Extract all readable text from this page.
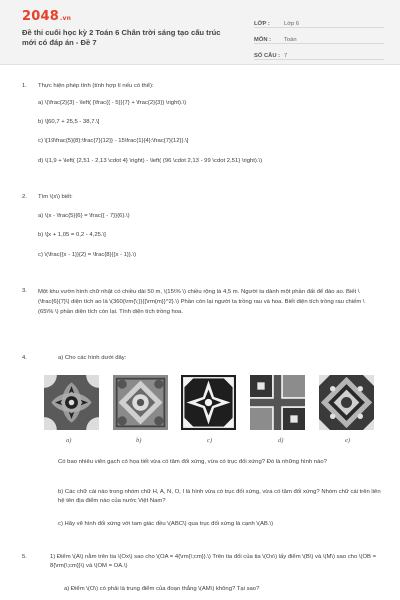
2048.vn
Đề thi cuối học kỳ 2 Toán 6 Chân trời sáng tạo cấu trúc mới có đáp án - Đề 7
LỚP :	Lớp 6
MÔN :	Toán
SỐ CÂU : 7
1. Thực hiện phép tính (tính hợp lí nếu có thể):
a) \(\frac{2}{3} - \left( {\frac{{ - 5}}{7} + \frac{2}{3}} \right).\)
b) \[60,7 + 25,5 - 38,7.\]
c) \[19\frac{5}{8}:\frac{7}{12}} - 15\frac{1}{4}:\frac{7}{12}}.\]
d) \(1,9 + \left( {2,51 - 2,13 \cdot 4} \right) - \left( {96 \cdot 2,13 - 99 \cdot 2,51} \right).\)
2. Tìm \(x\) biết:
a) \(x - \frac{5}{6} = \frac{{ - 7}}{6}.\)
b) \[x + 1,05 = 0,2 - 4,25.\]
c) \(\frac{{x - 1}}{2} = \frac{8}{{x - 1}}.\)
3. Một khu vườn hình chữ nhật có chiều dài 50 m, \(15\% \) chiều rộng là 4,5 m. Người ta dành một phần đất để đào ao. Biết \(\frac{6}{7}\) diện tích ao là \(360{\rm{\;}}{{\rm{m}}^2}.\) Phần còn lại người ta trồng rau và hoa. Biết diện tích trồng rau chiếm \(65\% \) phần diện tích còn lại. Tính diện tích trồng hoa.
4.	a) Cho các hình dưới đây:
a)	b)	c)	d)	e)
Có bao nhiêu viên gạch có họa tiết vừa có tâm đối xứng, vừa có trục đối xứng? Đó là những hình nào?
b) Các chữ cái nào trong nhóm chữ H, A, N, O, I là hình vừa có trục đối xứng, vừa có tâm đối xứng? Nhóm chữ cái trên liên hệ tên địa điểm nào của nước Việt Nam?
c) Hãy vẽ hình đối xứng với tam giác đều \(ABC\) qua trục đối xứng là cạnh \(AB.\)
5.	1) Điểm \(A\) nằm trên tia \(Ox\) sao cho \(OA = 4{\rm{\;cm}}.\) Trên tia đối của tia \(Ox\) lấy điểm \(B\) và \(M\) sao cho \(OB = 8{\rm{\;cm}}\) và \(OM = OA.\)
a) Điểm \(O\) có phải là trung điểm của đoạn thẳng \(AM\) không? Tại sao?
